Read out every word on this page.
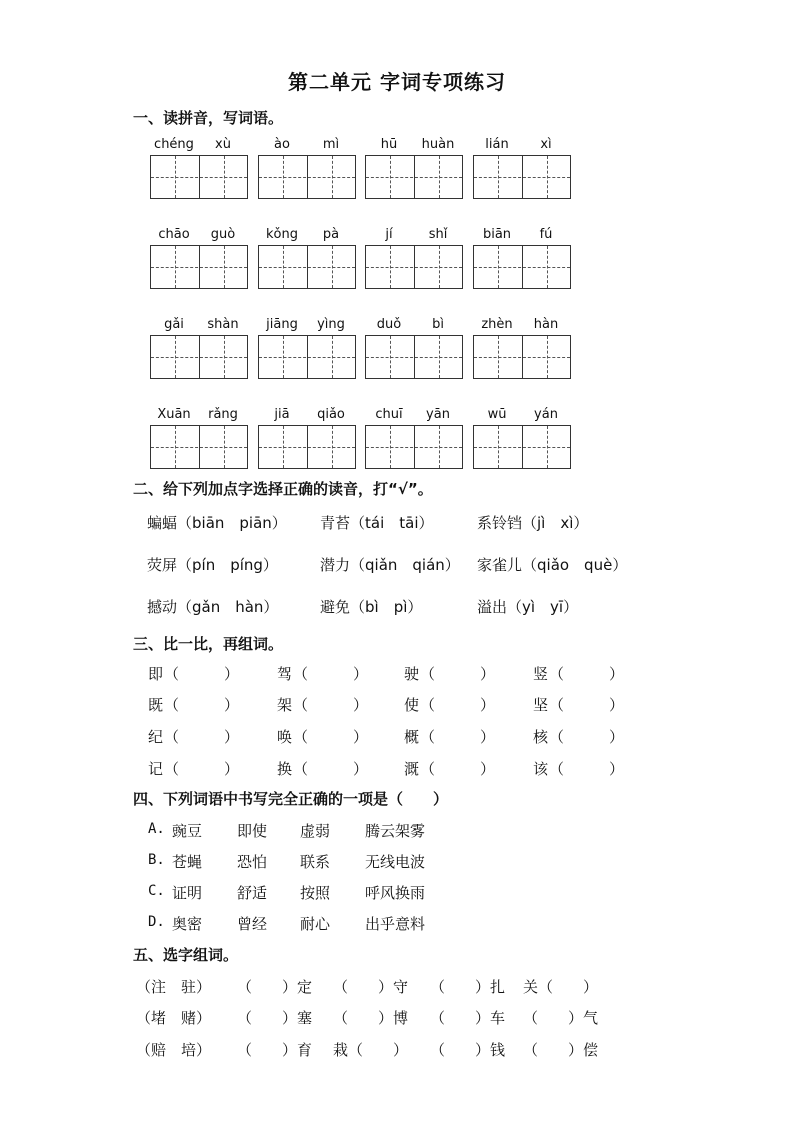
第二单元 字词专项练习
一、读拼音，写词语。
chéng	xù	ào	mì	hū	huàn	lián	xì
chāo	guò	kǒng	pà	jí	shǐ	biān	fú
gǎi	shàn	jiāng	yìng	duǒ	bì	zhèn	hàn
Xuān	rǎng	jiā	qiǎo	chuī	yān	wū	yán
二、给下列加点字选择正确的读音，打“√”。
蝙蝠（biān　piān） 青苔（tái　tāi）	系铃铛（jì　xì）
荧屏（pín　píng）	潜力（qiǎn　qián） 家雀儿（qiǎo　què）
撼动（gǎn　hàn）	避免（bì　pì）	溢出（yì　yī）
三、比一比，再组词。
即 （　　　）	驾 （　　　） 驶 （　　　）	竖 （　　　）
既 （　　　）	架 （　　　） 使 （　　　）	坚 （　　　）
纪 （　　　）	唤 （　　　） 概 （　　　）	核 （　　　）
记 （　　　）	换 （　　　） 溉 （　　　）	该 （　　　）
四、下列词语中书写完全正确的一项是（　　）
A. 豌豆 即使 虚弱 腾云架雾
B. 苍蝇 恐怕 联系 无线电波
C. 证明 舒适 按照 呼风换雨
D. 奥密 曾经 耐心 出乎意料
五、选字组词。
（注　驻） （　　）定 （　　）守 （　　）扎 关（　　）
（堵　赌） （　　）塞 （　　）博 （　　）车 （　　）气
（赔　培） （　　）育 栽（　　） （　　）钱 （　　）偿
